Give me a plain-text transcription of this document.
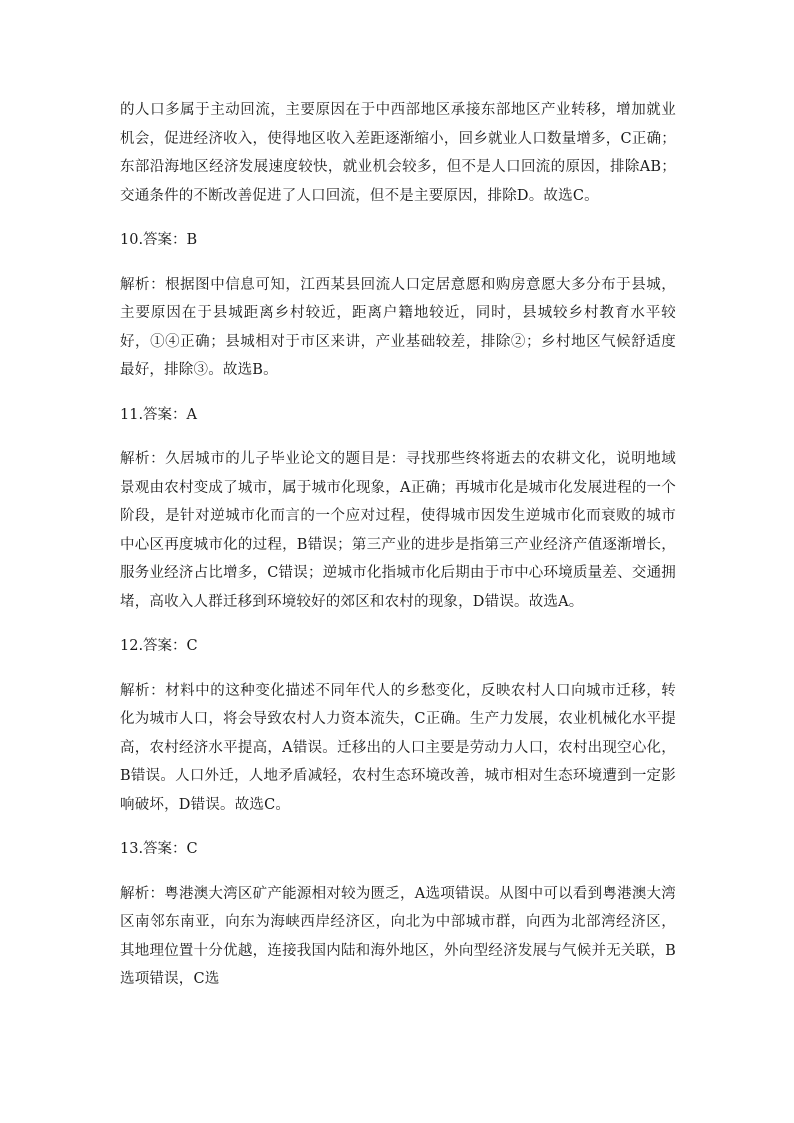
的人口多属于主动回流，主要原因在于中西部地区承接东部地区产业转移，增加就业机会，促进经济收入，使得地区收入差距逐渐缩小，回乡就业人口数量增多，C正确；东部沿海地区经济发展速度较快，就业机会较多，但不是人口回流的原因，排除AB；交通条件的不断改善促进了人口回流，但不是主要原因，排除D。故选C。

10.答案：B

解析：根据图中信息可知，江西某县回流人口定居意愿和购房意愿大多分布于县城，主要原因在于县城距离乡村较近，距离户籍地较近，同时，县城较乡村教育水平较好，①④正确；县城相对于市区来讲，产业基础较差，排除②；乡村地区气候舒适度最好，排除③。故选B。

11.答案：A

解析：久居城市的儿子毕业论文的题目是：寻找那些终将逝去的农耕文化，说明地域景观由农村变成了城市，属于城市化现象，A正确；再城市化是城市化发展进程的一个阶段，是针对逆城市化而言的一个应对过程，使得城市因发生逆城市化而衰败的城市中心区再度城市化的过程，B错误；第三产业的进步是指第三产业经济产值逐渐增长，服务业经济占比增多，C错误；逆城市化指城市化后期由于市中心环境质量差、交通拥堵，高收入人群迁移到环境较好的郊区和农村的现象，D错误。故选A。

12.答案：C

解析：材料中的这种变化描述不同年代人的乡愁变化，反映农村人口向城市迁移，转化为城市人口，将会导致农村人力资本流失，C正确。生产力发展，农业机械化水平提高，农村经济水平提高，A错误。迁移出的人口主要是劳动力人口，农村出现空心化，B错误。人口外迁，人地矛盾减轻，农村生态环境改善，城市相对生态环境遭到一定影响破坏，D错误。故选C。

13.答案：C

解析：粤港澳大湾区矿产能源相对较为匮乏，A选项错误。从图中可以看到粤港澳大湾区南邻东南亚，向东为海峡西岸经济区，向北为中部城市群，向西为北部湾经济区，其地理位置十分优越，连接我国内陆和海外地区，外向型经济发展与气候并无关联，B选项错误，C选
